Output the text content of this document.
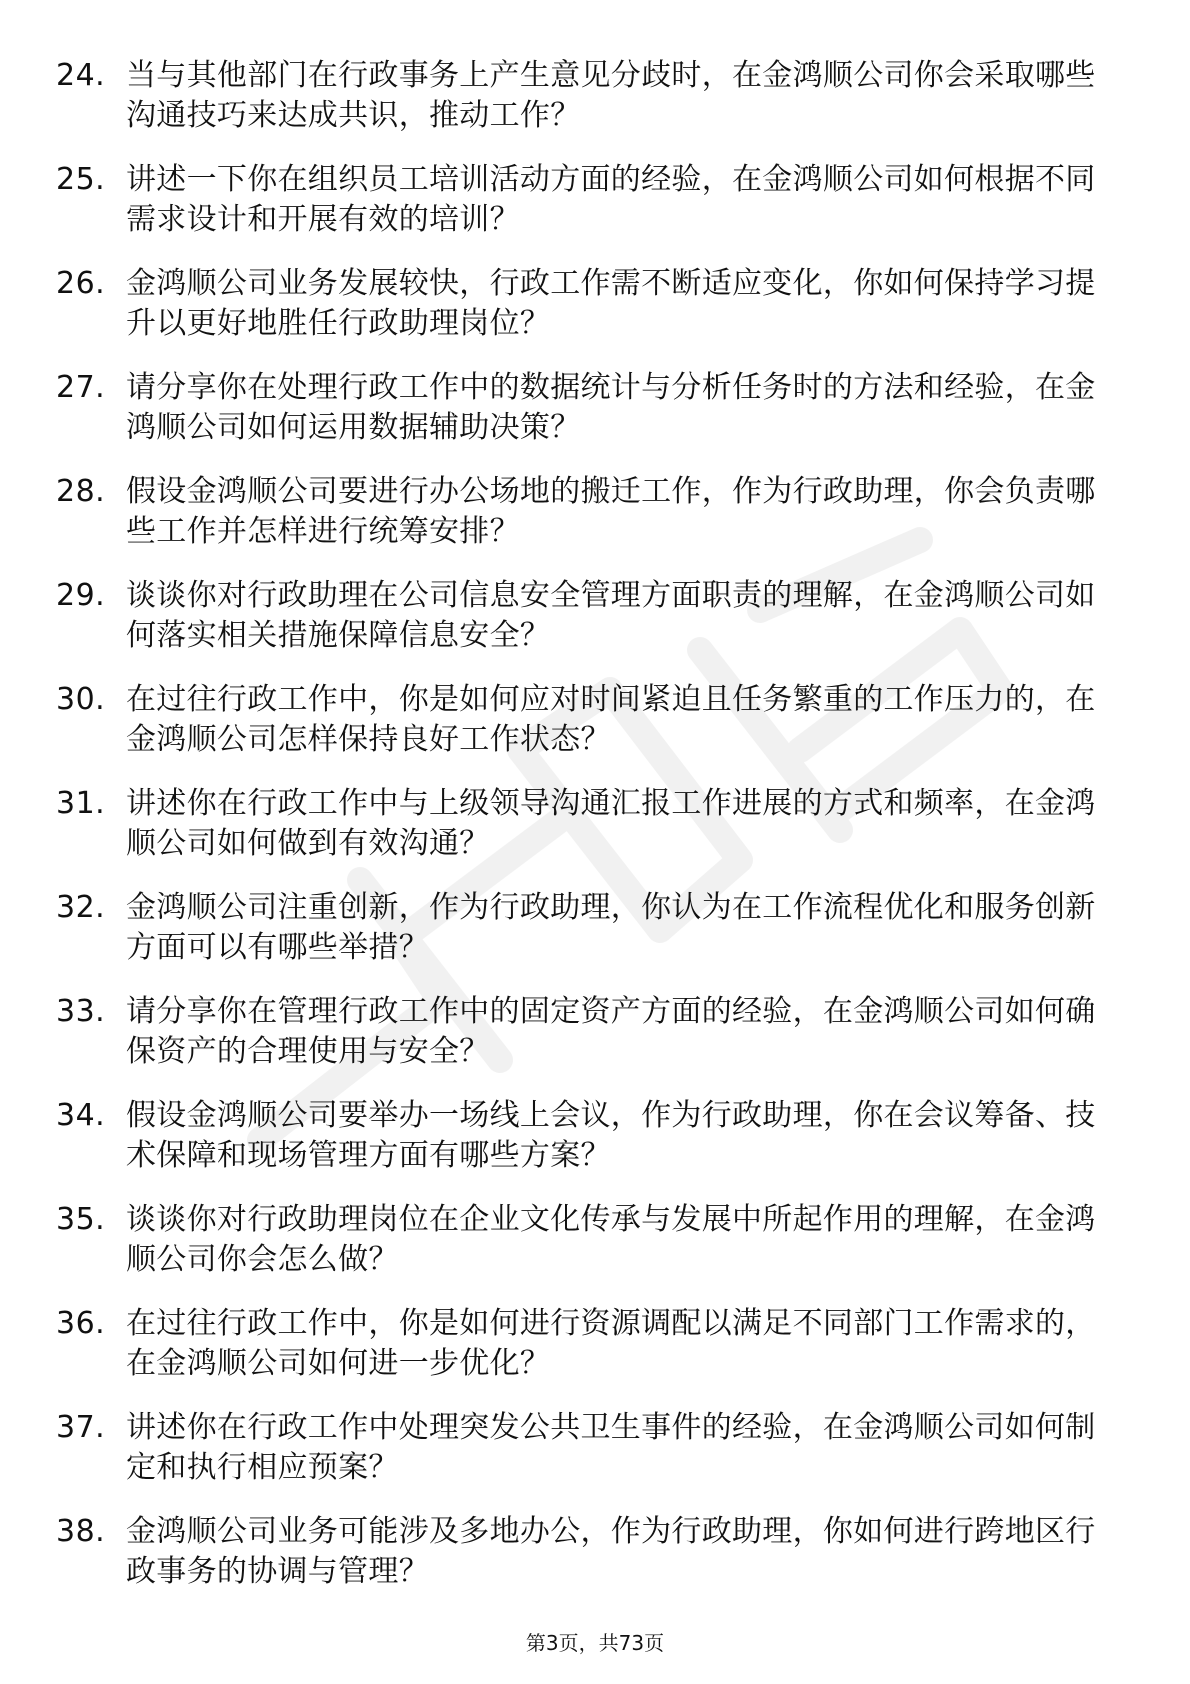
24. 当与其他部门在行政事务上产生意见分歧时，在金鸿顺公司你会采取哪些沟通技巧来达成共识，推动工作？
25. 讲述一下你在组织员工培训活动方面的经验，在金鸿顺公司如何根据不同需求设计和开展有效的培训？
26. 金鸿顺公司业务发展较快，行政工作需不断适应变化，你如何保持学习提升以更好地胜任行政助理岗位？
27. 请分享你在处理行政工作中的数据统计与分析任务时的方法和经验，在金鸿顺公司如何运用数据辅助决策？
28. 假设金鸿顺公司要进行办公场地的搬迁工作，作为行政助理，你会负责哪些工作并怎样进行统筹安排？
29. 谈谈你对行政助理在公司信息安全管理方面职责的理解，在金鸿顺公司如何落实相关措施保障信息安全？
30. 在过往行政工作中，你是如何应对时间紧迫且任务繁重的工作压力的，在金鸿顺公司怎样保持良好工作状态？
31. 讲述你在行政工作中与上级领导沟通汇报工作进展的方式和频率，在金鸿顺公司如何做到有效沟通？
32. 金鸿顺公司注重创新，作为行政助理，你认为在工作流程优化和服务创新方面可以有哪些举措？
33. 请分享你在管理行政工作中的固定资产方面的经验，在金鸿顺公司如何确保资产的合理使用与安全？
34. 假设金鸿顺公司要举办一场线上会议，作为行政助理，你在会议筹备、技术保障和现场管理方面有哪些方案？
35. 谈谈你对行政助理岗位在企业文化传承与发展中所起作用的理解，在金鸿顺公司你会怎么做？
36. 在过往行政工作中，你是如何进行资源调配以满足不同部门工作需求的，在金鸿顺公司如何进一步优化？
37. 讲述你在行政工作中处理突发公共卫生事件的经验，在金鸿顺公司如何制定和执行相应预案？
38. 金鸿顺公司业务可能涉及多地办公，作为行政助理，你如何进行跨地区行政事务的协调与管理？
第3页，共73页
